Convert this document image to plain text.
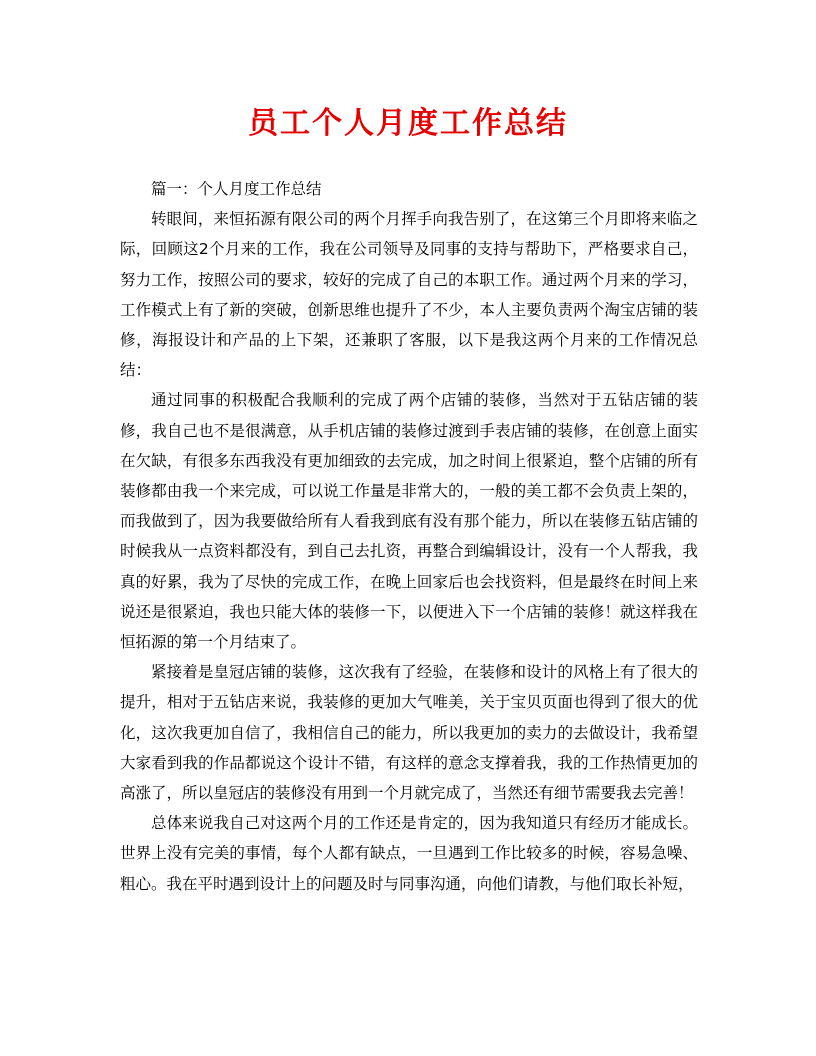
员工个人月度工作总结

篇一：个人月度工作总结

转眼间，来恒拓源有限公司的两个月挥手向我告别了，在这第三个月即将来临之际，回顾这2个月来的工作，我在公司领导及同事的支持与帮助下，严格要求自己，努力工作，按照公司的要求，较好的完成了自己的本职工作。通过两个月来的学习，工作模式上有了新的突破，创新思维也提升了不少，本人主要负责两个淘宝店铺的装修，海报设计和产品的上下架，还兼职了客服，以下是我这两个月来的工作情况总结：

通过同事的积极配合我顺利的完成了两个店铺的装修，当然对于五钻店铺的装修，我自己也不是很满意，从手机店铺的装修过渡到手表店铺的装修，在创意上面实在欠缺，有很多东西我没有更加细致的去完成，加之时间上很紧迫，整个店铺的所有装修都由我一个来完成，可以说工作量是非常大的，一般的美工都不会负责上架的，而我做到了，因为我要做给所有人看我到底有没有那个能力，所以在装修五钻店铺的时候我从一点资料都没有，到自己去扎资，再整合到编辑设计，没有一个人帮我，我真的好累，我为了尽快的完成工作，在晚上回家后也会找资料，但是最终在时间上来说还是很紧迫，我也只能大体的装修一下，以便进入下一个店铺的装修！就这样我在恒拓源的第一个月结束了。

紧接着是皇冠店铺的装修，这次我有了经验，在装修和设计的风格上有了很大的提升，相对于五钻店来说，我装修的更加大气唯美，关于宝贝页面也得到了很大的优化，这次我更加自信了，我相信自己的能力，所以我更加的卖力的去做设计，我希望大家看到我的作品都说这个设计不错，有这样的意念支撑着我，我的工作热情更加的高涨了，所以皇冠店的装修没有用到一个月就完成了，当然还有细节需要我去完善！

总体来说我自己对这两个月的工作还是肯定的，因为我知道只有经历才能成长。世界上没有完美的事情，每个人都有缺点，一旦遇到工作比较多的时候，容易急噪、粗心。我在平时遇到设计上的问题及时与同事沟通，向他们请教，与他们取长补短，
